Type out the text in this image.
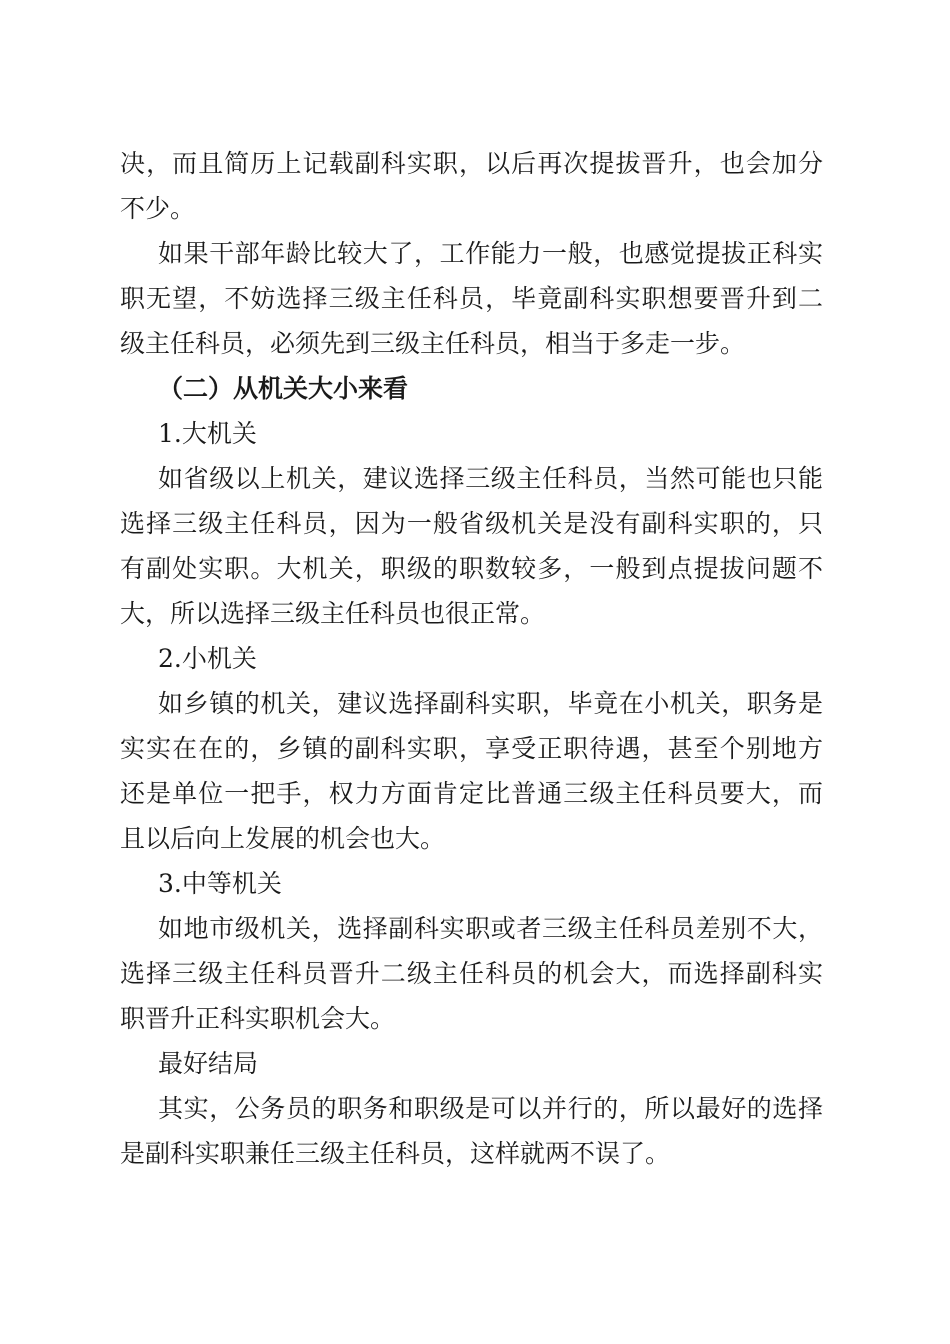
决，而且简历上记载副科实职，以后再次提拔晋升，也会加分
不少。
如果干部年龄比较大了，工作能力一般，也感觉提拔正科实
职无望，不妨选择三级主任科员，毕竟副科实职想要晋升到二
级主任科员，必须先到三级主任科员，相当于多走一步。
（二）从机关大小来看
1.大机关
如省级以上机关，建议选择三级主任科员，当然可能也只能
选择三级主任科员，因为一般省级机关是没有副科实职的，只
有副处实职。大机关，职级的职数较多，一般到点提拔问题不
大，所以选择三级主任科员也很正常。
2.小机关
如乡镇的机关，建议选择副科实职，毕竟在小机关，职务是
实实在在的，乡镇的副科实职，享受正职待遇，甚至个别地方
还是单位一把手，权力方面肯定比普通三级主任科员要大，而
且以后向上发展的机会也大。
3.中等机关
如地市级机关，选择副科实职或者三级主任科员差别不大，
选择三级主任科员晋升二级主任科员的机会大，而选择副科实
职晋升正科实职机会大。
最好结局
其实，公务员的职务和职级是可以并行的，所以最好的选择
是副科实职兼任三级主任科员，这样就两不误了。
